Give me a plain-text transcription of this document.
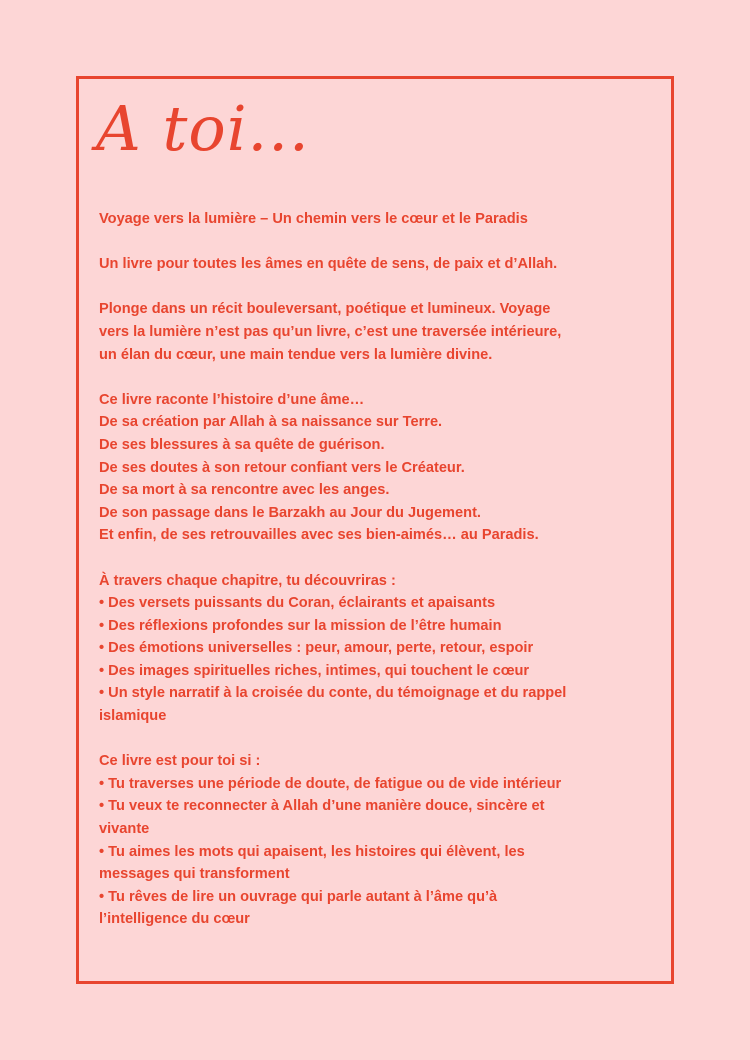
A toi...

Voyage vers la lumière – Un chemin vers le cœur et le Paradis

Un livre pour toutes les âmes en quête de sens, de paix et d’Allah.

Plonge dans un récit bouleversant, poétique et lumineux. Voyage
vers la lumière n’est pas qu’un livre, c’est une traversée intérieure,
un élan du cœur, une main tendue vers la lumière divine.

Ce livre raconte l’histoire d’une âme…
De sa création par Allah à sa naissance sur Terre.
De ses blessures à sa quête de guérison.
De ses doutes à son retour confiant vers le Créateur.
De sa mort à sa rencontre avec les anges.
De son passage dans le Barzakh au Jour du Jugement.
Et enfin, de ses retrouvailles avec ses bien-aimés… au Paradis.

À travers chaque chapitre, tu découvriras :
• Des versets puissants du Coran, éclairants et apaisants
• Des réflexions profondes sur la mission de l’être humain
• Des émotions universelles : peur, amour, perte, retour, espoir
• Des images spirituelles riches, intimes, qui touchent le cœur
• Un style narratif à la croisée du conte, du témoignage et du rappel
islamique

Ce livre est pour toi si :
• Tu traverses une période de doute, de fatigue ou de vide intérieur
• Tu veux te reconnecter à Allah d’une manière douce, sincère et
vivante
• Tu aimes les mots qui apaisent, les histoires qui élèvent, les
messages qui transforment
• Tu rêves de lire un ouvrage qui parle autant à l’âme qu’à
l’intelligence du cœur
